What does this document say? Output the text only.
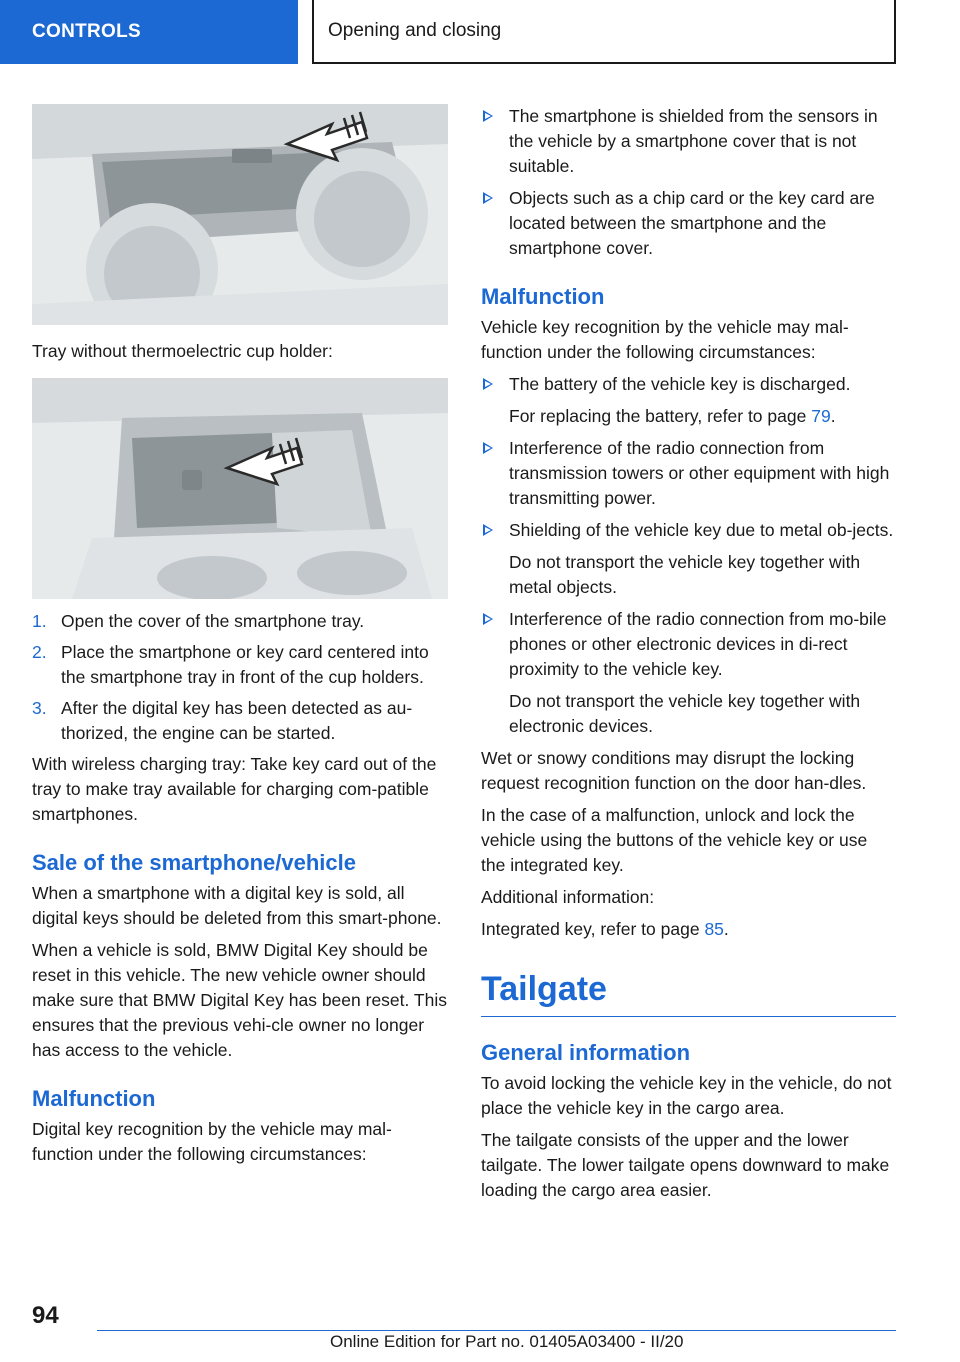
CONTROLS	Opening and closing

Tray without thermoelectric cup holder:

1. Open the cover of the smartphone tray.
2. Place the smartphone or key card centered into the smartphone tray in front of the cup holders.
3. After the digital key has been detected as au‐thorized, the engine can be started.

With wireless charging tray: Take key card out of the tray to make tray available for charging com‐patible smartphones.

Sale of the smartphone/vehicle

When a smartphone with a digital key is sold, all digital keys should be deleted from this smart‐phone.

When a vehicle is sold, BMW Digital Key should be reset in this vehicle. The new vehicle owner should make sure that BMW Digital Key has been reset. This ensures that the previous vehi‐cle owner no longer has access to the vehicle.

Malfunction

Digital key recognition by the vehicle may mal‐function under the following circumstances:

The smartphone is shielded from the sensors in the vehicle by a smartphone cover that is not suitable.
Objects such as a chip card or the key card are located between the smartphone and the smartphone cover.
Malfunction

Vehicle key recognition by the vehicle may mal‐function under the following circumstances:

The battery of the vehicle key is discharged.
For replacing the battery, refer to page 79.
Interference of the radio connection from transmission towers or other equipment with high transmitting power.
Shielding of the vehicle key due to metal ob‐jects.
Do not transport the vehicle key together with metal objects.
Interference of the radio connection from mo‐bile phones or other electronic devices in di‐rect proximity to the vehicle key.
Do not transport the vehicle key together with electronic devices.

Wet or snowy conditions may disrupt the locking request recognition function on the door han‐dles.

In the case of a malfunction, unlock and lock the vehicle using the buttons of the vehicle key or use the integrated key.

Additional information:

Integrated key, refer to page 85.

Tailgate
General information

To avoid locking the vehicle key in the vehicle, do not place the vehicle key in the cargo area.

The tailgate consists of the upper and the lower tailgate. The lower tailgate opens downward to make loading the cargo area easier.

94
Online Edition for Part no. 01405A03400 - II/20
